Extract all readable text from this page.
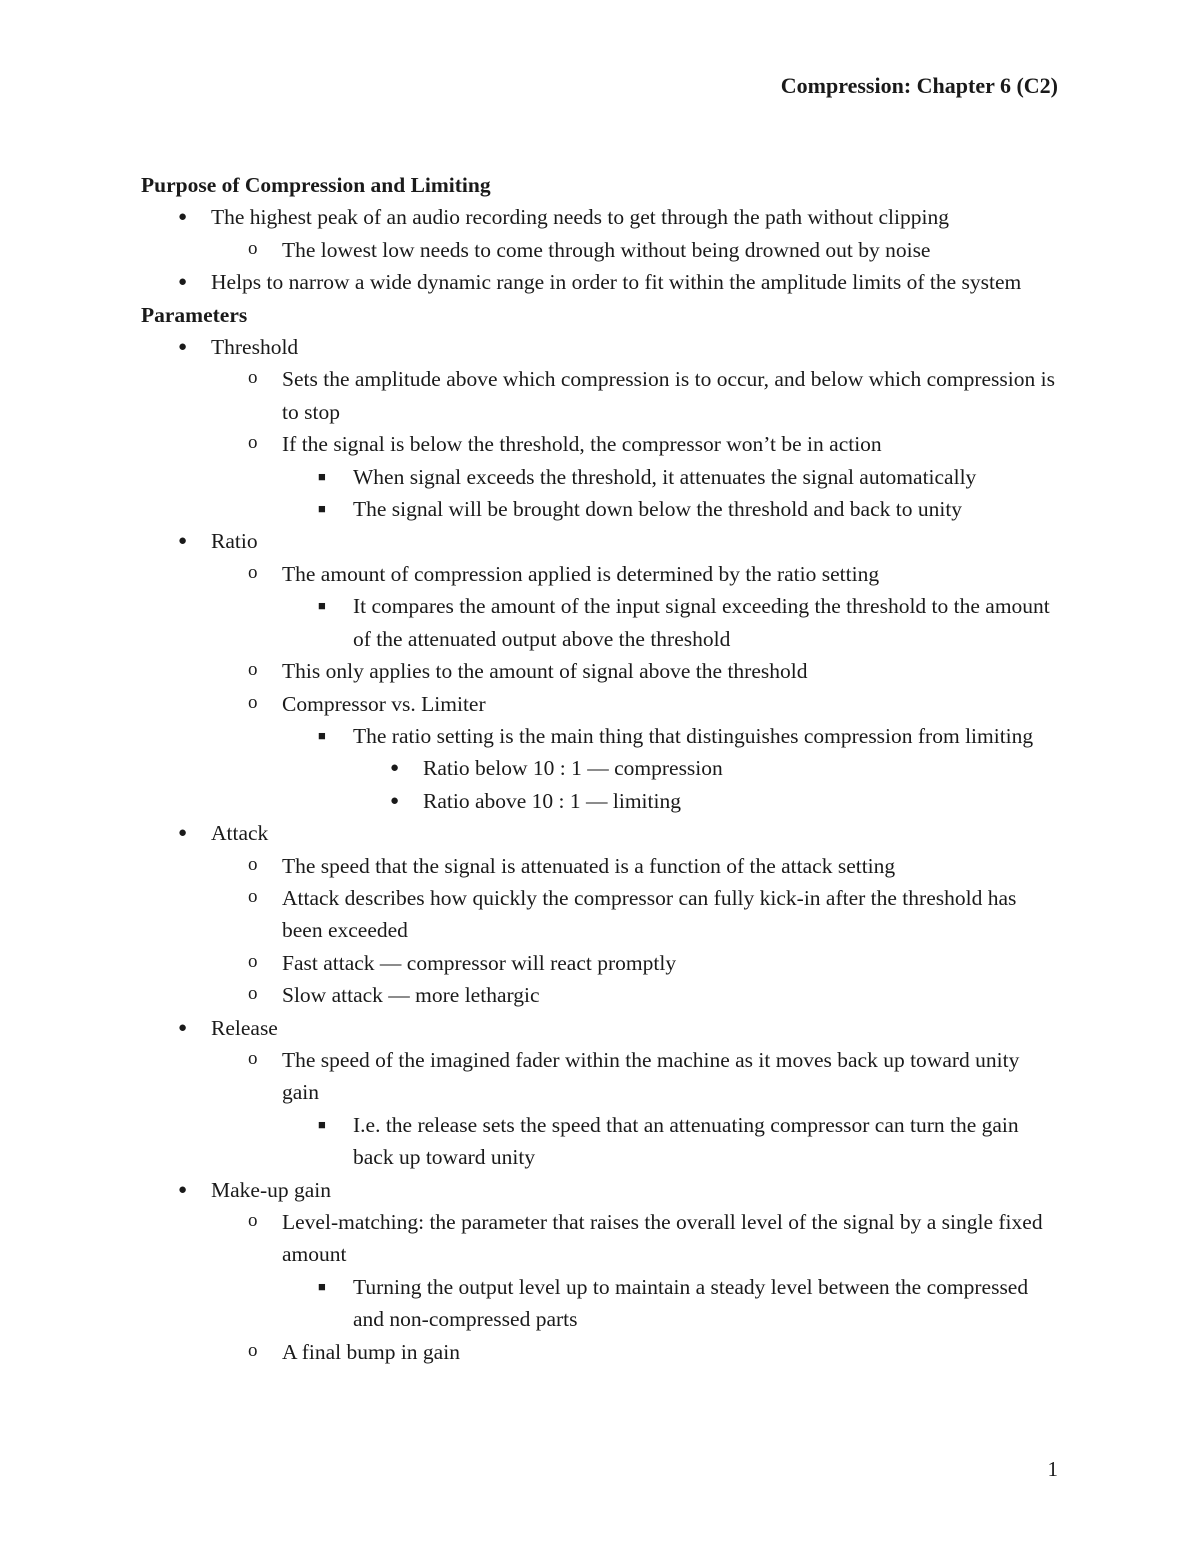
Compression: Chapter 6 (C2)
Purpose of Compression and Limiting
● The highest peak of an audio recording needs to get through the path without clipping
o The lowest low needs to come through without being drowned out by noise
● Helps to narrow a wide dynamic range in order to fit within the amplitude limits of the system
Parameters
● Threshold
o Sets the amplitude above which compression is to occur, and below which compression is to stop
o If the signal is below the threshold, the compressor won’t be in action
■ When signal exceeds the threshold, it attenuates the signal automatically
■ The signal will be brought down below the threshold and back to unity
● Ratio
o The amount of compression applied is determined by the ratio setting
■ It compares the amount of the input signal exceeding the threshold to the amount of the attenuated output above the threshold
o This only applies to the amount of signal above the threshold
o Compressor vs. Limiter
■ The ratio setting is the main thing that distinguishes compression from limiting
● Ratio below 10 : 1 — compression
● Ratio above 10 : 1 — limiting
● Attack
o The speed that the signal is attenuated is a function of the attack setting
o Attack describes how quickly the compressor can fully kick-in after the threshold has been exceeded
o Fast attack — compressor will react promptly
o Slow attack — more lethargic
● Release
o The speed of the imagined fader within the machine as it moves back up toward unity gain
■ I.e. the release sets the speed that an attenuating compressor can turn the gain back up toward unity
● Make-up gain
o Level-matching: the parameter that raises the overall level of the signal by a single fixed amount
■ Turning the output level up to maintain a steady level between the compressed and non-compressed parts
o A final bump in gain
1
